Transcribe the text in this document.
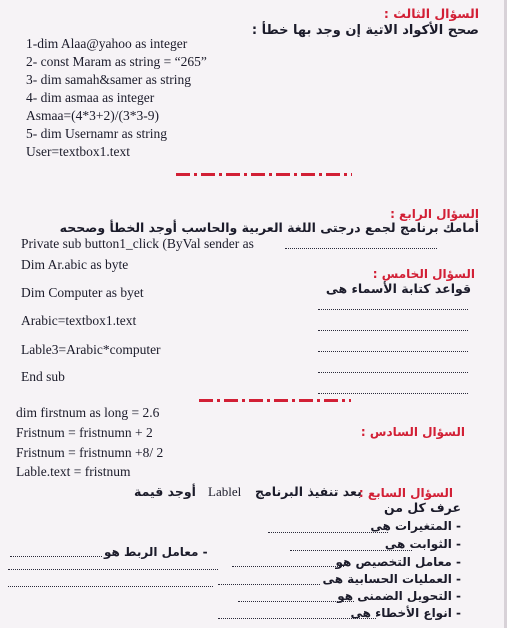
السؤال الثالث :
صحح الأكواد الاتية إن وجد بها خطأ :
1-dim Alaa@yahoo as integer
2- const Maram as string = “265”
3- dim samah&samer as string
4- dim asmaa as integer
Asmaa=(4*3+2)/(3*3-9)
5- dim Usernamr as string
User=textbox1.text
السؤال الرابع :
أمامك برنامج لجمع درجتى اللغة العربية والحاسب أوجد الخطأ وصححه
Private sub button1_click (ByVal sender as
Dim Ar.abic as byte
Dim Computer as byet
Arabic=textbox1.text
Lable3=Arabic*computer
End sub
السؤال الخامس :
قواعد كتابة الأسماء هى
dim firstnum as long = 2.6
Fristnum = fristnumn + 2
Fristnum = fristnumn +8/ 2
Lable.text = fristnum
السؤال السادس :
السؤال السابع :
بعد تنفيذ البرنامج
Lablel
أوجد قيمة
عرف كل من
- المتغيرات هى
- الثوابت هى
- معامل التخصيص هو
- العمليات الحسابية هى
- التحويل الضمنى هو
- انواع الأخطاء هى
- معامل الربط هو
